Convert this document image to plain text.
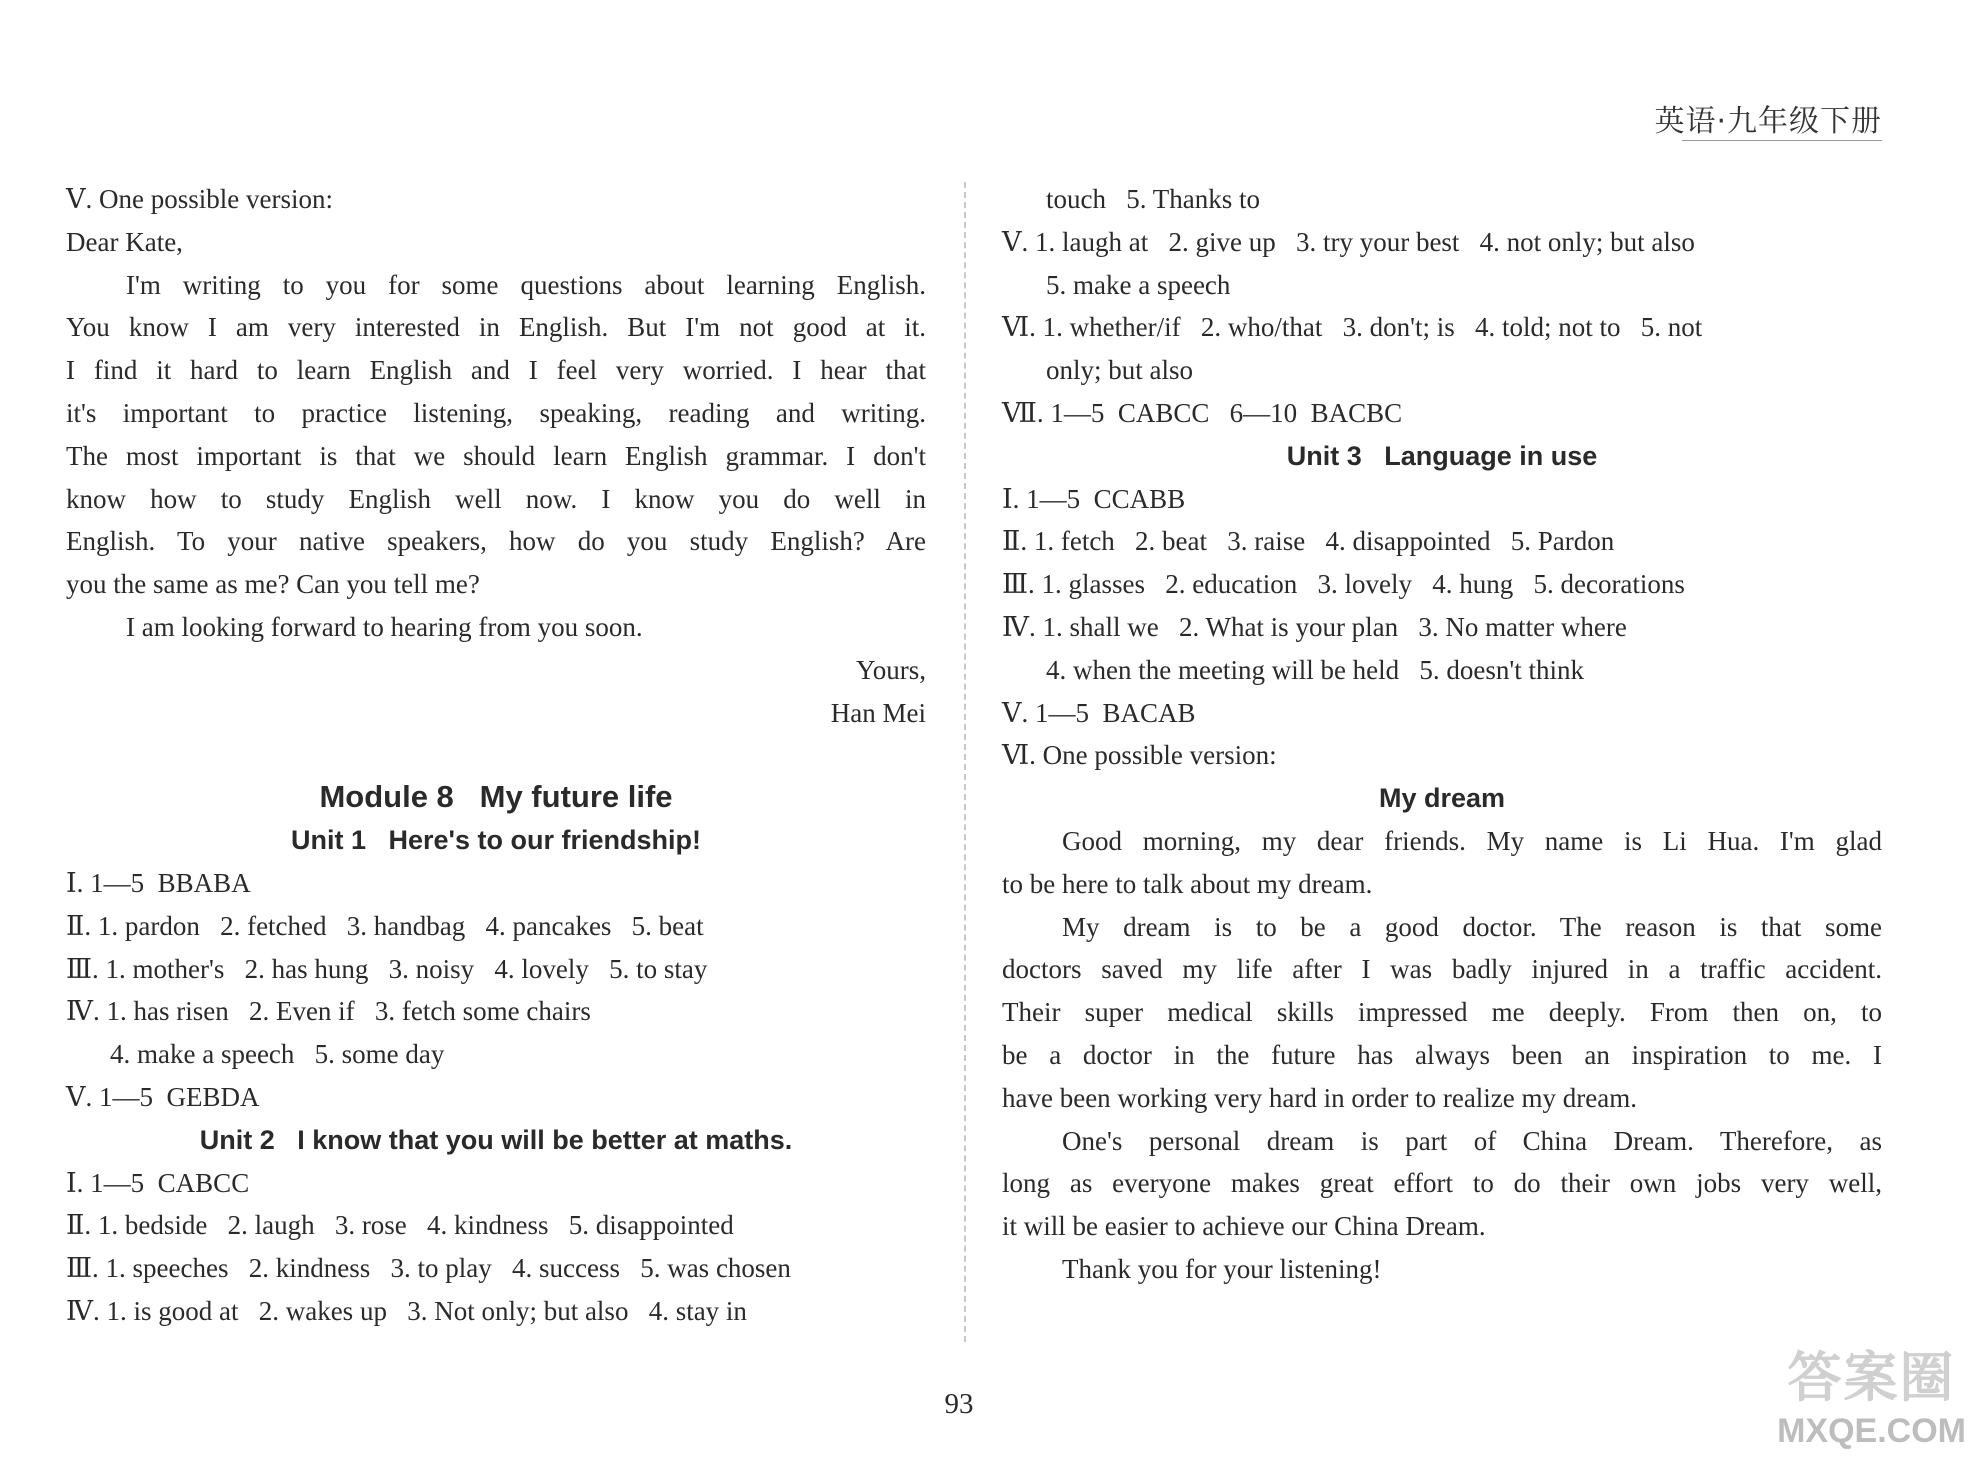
英语·九年级下册
Ⅴ. One possible version:
Dear Kate,
I'm writing to you for some questions about learning English.
You know I am very interested in English. But I'm not good at it.
I find it hard to learn English and I feel very worried. I hear that
it's important to practice listening, speaking, reading and writing.
The most important is that we should learn English grammar. I don't
know how to study English well now. I know you do well in
English. To your native speakers, how do you study English? Are
you the same as me? Can you tell me?
I am looking forward to hearing from you soon.
Yours,
Han Mei
Module 8   My future life
Unit 1   Here's to our friendship!
Ⅰ. 1—5  BBABA
Ⅱ. 1. pardon   2. fetched   3. handbag   4. pancakes   5. beat
Ⅲ. 1. mother's   2. has hung   3. noisy   4. lovely   5. to stay
Ⅳ. 1. has risen   2. Even if   3. fetch some chairs
4. make a speech   5. some day
Ⅴ. 1—5  GEBDA
Unit 2   I know that you will be better at maths.
Ⅰ. 1—5  CABCC
Ⅱ. 1. bedside   2. laugh   3. rose   4. kindness   5. disappointed
Ⅲ. 1. speeches   2. kindness   3. to play   4. success   5. was chosen
Ⅳ. 1. is good at   2. wakes up   3. Not only; but also   4. stay in
touch   5. Thanks to
Ⅴ. 1. laugh at   2. give up   3. try your best   4. not only; but also
5. make a speech
Ⅵ. 1. whether/if   2. who/that   3. don't; is   4. told; not to   5. not
only; but also
Ⅶ. 1—5  CABCC   6—10  BACBC
Unit 3   Language in use
Ⅰ. 1—5  CCABB
Ⅱ. 1. fetch   2. beat   3. raise   4. disappointed   5. Pardon
Ⅲ. 1. glasses   2. education   3. lovely   4. hung   5. decorations
Ⅳ. 1. shall we   2. What is your plan   3. No matter where
4. when the meeting will be held   5. doesn't think
Ⅴ. 1—5  BACAB
Ⅵ. One possible version:
My dream
Good morning, my dear friends. My name is Li Hua. I'm glad
to be here to talk about my dream.
My dream is to be a good doctor. The reason is that some
doctors saved my life after I was badly injured in a traffic accident.
Their super medical skills impressed me deeply. From then on, to
be a doctor in the future has always been an inspiration to me. I
have been working very hard in order to realize my dream.
One's personal dream is part of China Dream. Therefore, as
long as everyone makes great effort to do their own jobs very well,
it will be easier to achieve our China Dream.
Thank you for your listening!
93	答案圈
MXQE.COM
